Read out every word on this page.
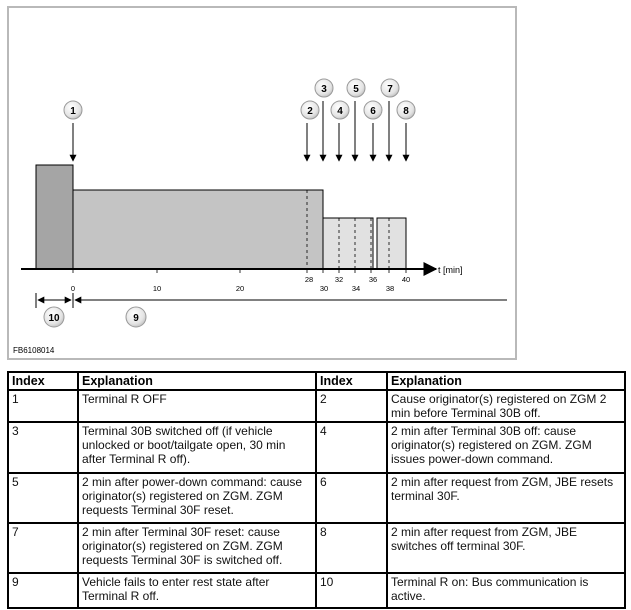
t [min]
0	10	20
28	32	36	40
30	34	38
1	2
3
4
5
6
7
8
10	9
FB6108014
Index	Explanation	Index	Explanation
1	Terminal R OFF	2	Cause originator(s) registered on ZGM 2 min before Terminal 30B off.
3	Terminal 30B switched off (if vehicle unlocked or boot/tailgate open, 30 min after Terminal R off).	4	2 min after Terminal 30B off: cause originator(s) registered on ZGM. ZGM issues power-down command.
5	2 min after power-down command: cause originator(s) registered on ZGM. ZGM requests Terminal 30F reset.	6	2 min after request from ZGM, JBE resets terminal 30F.
7	2 min after Terminal 30F reset: cause originator(s) registered on ZGM. ZGM requests Terminal 30F is switched off.	8	2 min after request from ZGM, JBE switches off terminal 30F.
9	Vehicle fails to enter rest state after Terminal R off.	10	Terminal R on: Bus communication is active.
